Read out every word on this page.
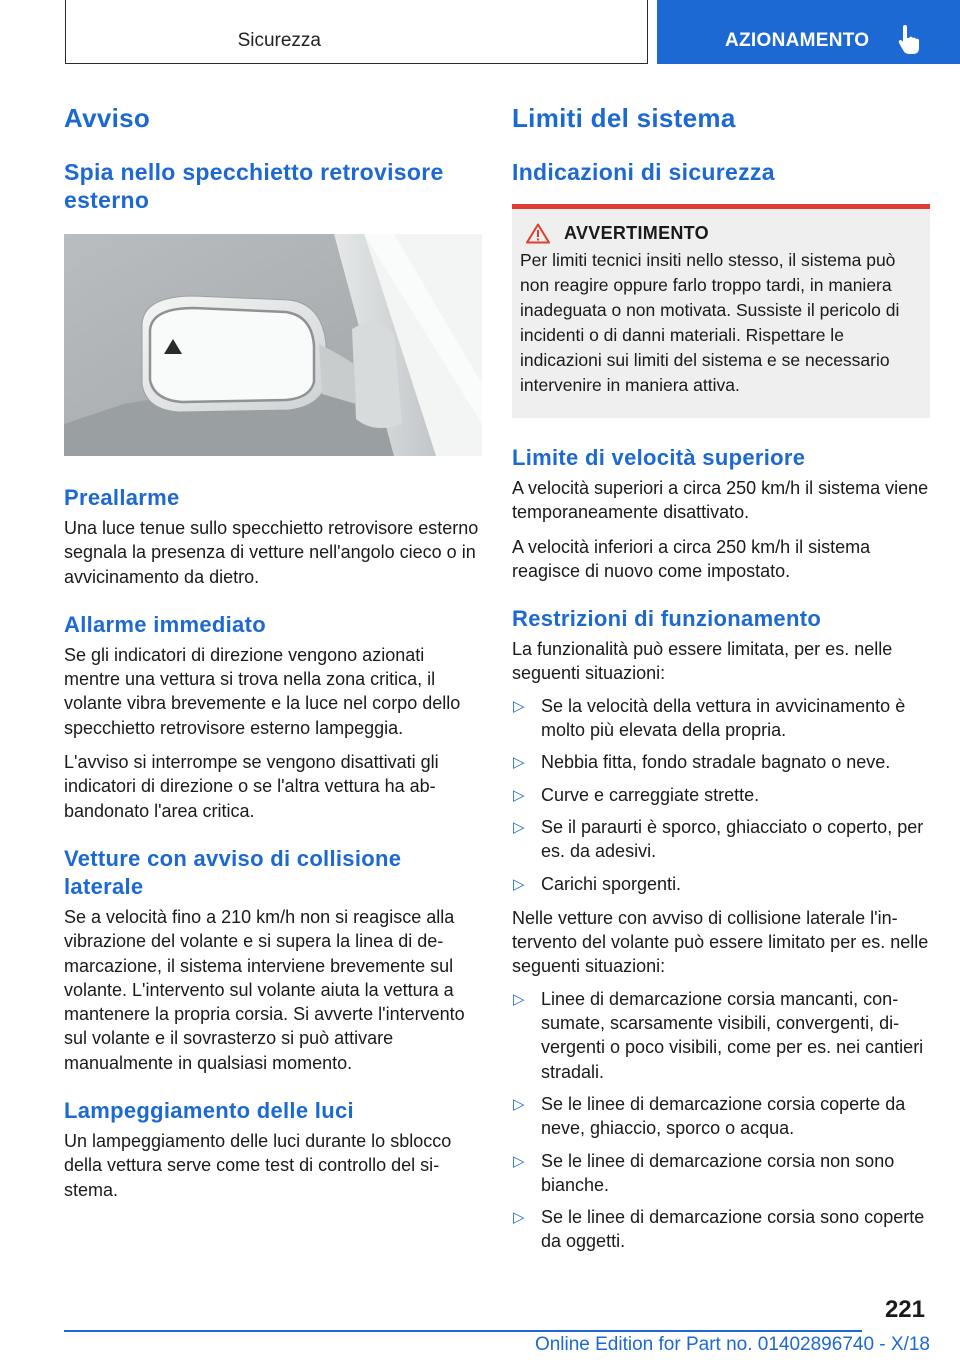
Sicurezza	AZIONAMENTO
Avviso
Spia nello specchietto retrovisore esterno
Preallarme

Una luce tenue sullo specchietto retrovisore esterno segnala la presenza di vetture nell'angolo cieco o in avvicinamento da dietro.

Allarme immediato

Se gli indicatori di direzione vengono azionati mentre una vettura si trova nella zona critica, il volante vibra brevemente e la luce nel corpo dello specchietto retrovisore esterno lampeggia.

L'avviso si interrompe se vengono disattivati gli indicatori di direzione o se l'altra vettura ha abbandonato l'area critica.

Vetture con avviso di collisione laterale

Se a velocità fino a 210 km/h non si reagisce alla vibrazione del volante e si supera la linea di demarcazione, il sistema interviene brevemente sul volante. L'intervento sul volante aiuta la vettura a mantenere la propria corsia. Si avverte l'intervento sul volante e il sovrasterzo si può attivare manualmente in qualsiasi momento.

Lampeggiamento delle luci

Un lampeggiamento delle luci durante lo sblocco della vettura serve come test di controllo del sistema.

Limiti del sistema
Indicazioni di sicurezza
AVVERTIMENTO

Per limiti tecnici insiti nello stesso, il sistema può non reagire oppure farlo troppo tardi, in maniera inadeguata o non motivata. Sussiste il pericolo di incidenti o di danni materiali. Rispettare le indicazioni sui limiti del sistema e se necessario intervenire in maniera attiva.

Limite di velocità superiore

A velocità superiori a circa 250 km/h il sistema viene temporaneamente disattivato.

A velocità inferiori a circa 250 km/h il sistema reagisce di nuovo come impostato.

Restrizioni di funzionamento

La funzionalità può essere limitata, per es. nelle seguenti situazioni:

▷ Se la velocità della vettura in avvicinamento è molto più elevata della propria.
▷ Nebbia fitta, fondo stradale bagnato o neve.
▷ Curve e carreggiate strette.
▷ Se il paraurti è sporco, ghiacciato o coperto, per es. da adesivi.
▷ Carichi sporgenti.

Nelle vetture con avviso di collisione laterale l'intervento del volante può essere limitato per es. nelle seguenti situazioni:

▷ Linee di demarcazione corsia mancanti, consumate, scarsamente visibili, convergenti, divergenti o poco visibili, come per es. nei cantieri stradali.
▷ Se le linee di demarcazione corsia coperte da neve, ghiaccio, sporco o acqua.
▷ Se le linee di demarcazione corsia non sono bianche.
▷ Se le linee di demarcazione corsia sono coperte da oggetti.
221
Online Edition for Part no. 01402896740 - X/18
